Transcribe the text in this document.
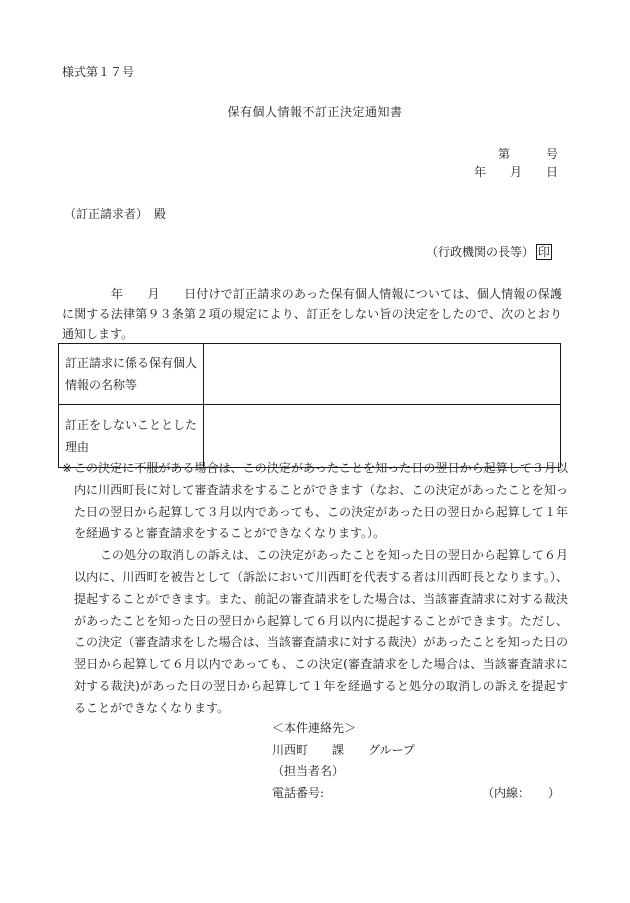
様式第１７号
保有個人情報不訂正決定通知書
第　　　号
年　　月　　日
（訂正請求者）　殿
（行政機関の長等） 印

　　　　年　　月　　日付けで訂正請求のあった保有個人情報については、個人情報の保護に関する法律第９３条第２項の規定により、訂正をしない旨の決定をしたので、次のとおり通知します。

訂正請求に係る保有個人情報の名称等	
訂正をしないこととした理由	

※ この決定に不服がある場合は、この決定があったことを知った日の翌日から起算して３月以内に川西町長に対して審査請求をすることができます（なお、この決定があったことを知った日の翌日から起算して３月以内であっても、この決定があった日の翌日から起算して１年を経過すると審査請求をすることができなくなります。）。

この処分の取消しの訴えは、この決定があったことを知った日の翌日から起算して６月以内に、川西町を被告として（訴訟において川西町を代表する者は川西町長となります。）、提起することができます。また、前記の審査請求をした場合は、当該審査請求に対する裁決があったことを知った日の翌日から起算して６月以内に提起することができます。ただし、この決定（審査請求をした場合は、当該審査請求に対する裁決）があったことを知った日の翌日から起算して６月以内であっても、この決定(審査請求をした場合は、当該審査請求に対する裁決)があった日の翌日から起算して１年を経過すると処分の取消しの訴えを提起することができなくなります。

＜本件連絡先＞
川西町　　課　　グループ
（担当者名）
電話番号:	（内線：　　）
